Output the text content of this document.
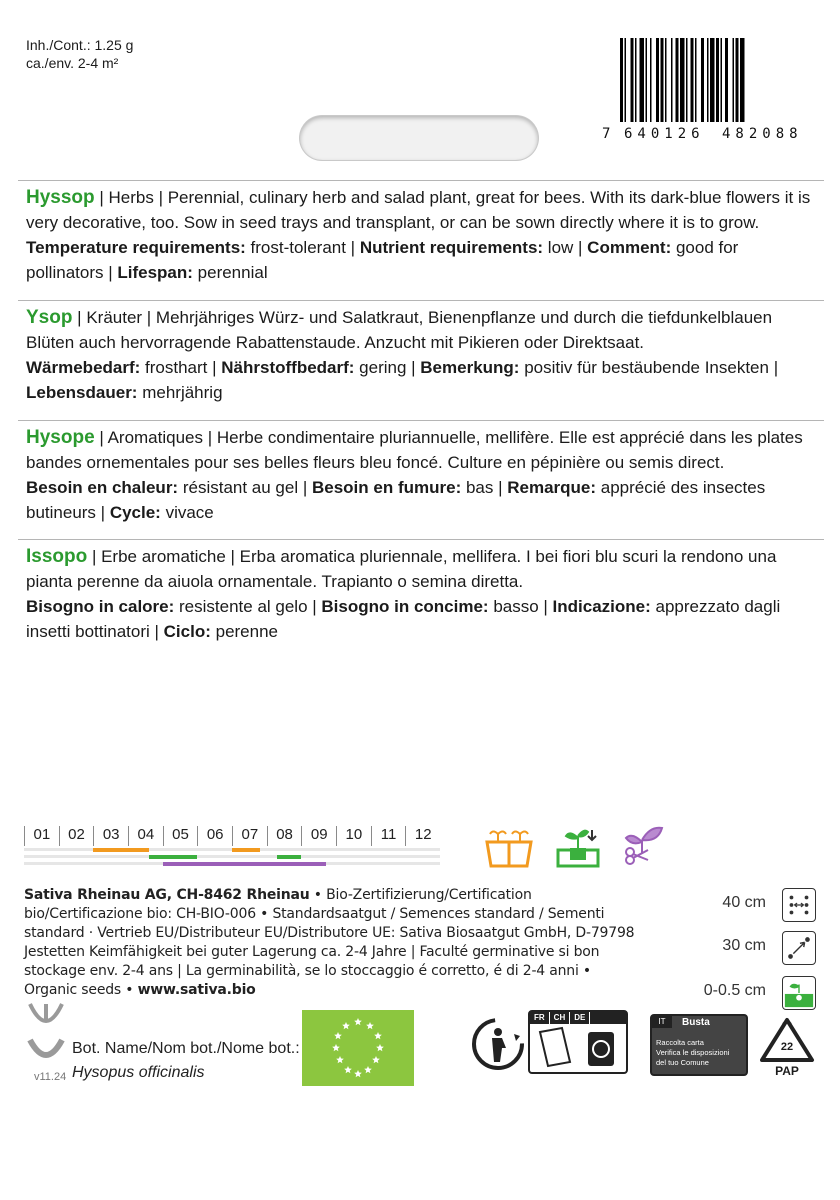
Inh./Cont.: 1.25 g
ca./env. 2-4 m²
7 640126 482088
Hyssop | Herbs | Perennial, culinary herb and salad plant, great for bees. With its dark-blue flowers it is very decorative, too. Sow in seed trays and transplant, or can be sown directly where it is to grow.
Temperature requirements: frost-tolerant | Nutrient requirements: low | Comment: good for pollinators | Lifespan: perennial
Ysop | Kräuter | Mehrjähriges Würz- und Salatkraut, Bienenpflanze und durch die tiefdunkelblauen Blüten auch hervorragende Rabattenstaude. Anzucht mit Pikieren oder Direktsaat.
Wärmebedarf: frosthart | Nährstoffbedarf: gering | Bemerkung: positiv für bestäubende Insekten | Lebensdauer: mehrjährig
Hysope | Aromatiques | Herbe condimentaire pluriannuelle, mellifère. Elle est apprécié dans les plates bandes ornementales pour ses belles fleurs bleu foncé. Culture en pépinière ou semis direct.
Besoin en chaleur: résistant au gel | Besoin en fumure: bas | Remarque: apprécié des insectes butineurs | Cycle: vivace
Issopo | Erbe aromatiche | Erba aromatica pluriennale, mellifera. I bei fiori blu scuri la rendono una pianta perenne da aiuola ornamentale. Trapianto o semina diretta.
Bisogno in calore: resistente al gelo | Bisogno in concime: basso | Indicazione: apprezzato dagli insetti bottinatori | Ciclo: perenne
01	02	03	04	05	06	07	08	09	10	11	12
Sativa Rheinau AG, CH-8462 Rheinau • Bio-Zertifizierung/Certification bio/Certificazione bio: CH-BIO-006 • Standardsaatgut / Semences standard / Sementi standard · Vertrieb EU/Distributeur EU/Distributore UE: Sativa Biosaatgut GmbH, D-79798 Jestetten Keimfähigkeit bei guter Lagerung ca. 2-4 Jahre | Faculté germinative si bon stockage env. 2-4 ans | La germinabilità, se lo stoccaggio é corretto, é di 2-4 anni • Organic seeds • www.sativa.bio
40 cm
30 cm
0-0.5 cm
v11.24
Bot. Name/Nom bot./Nome bot.:
Hysopus officinalis
FR	CH	DE	IT	Busta
Raccolta carta
Verifica le disposizioni
del tuo Comune
22
PAP
